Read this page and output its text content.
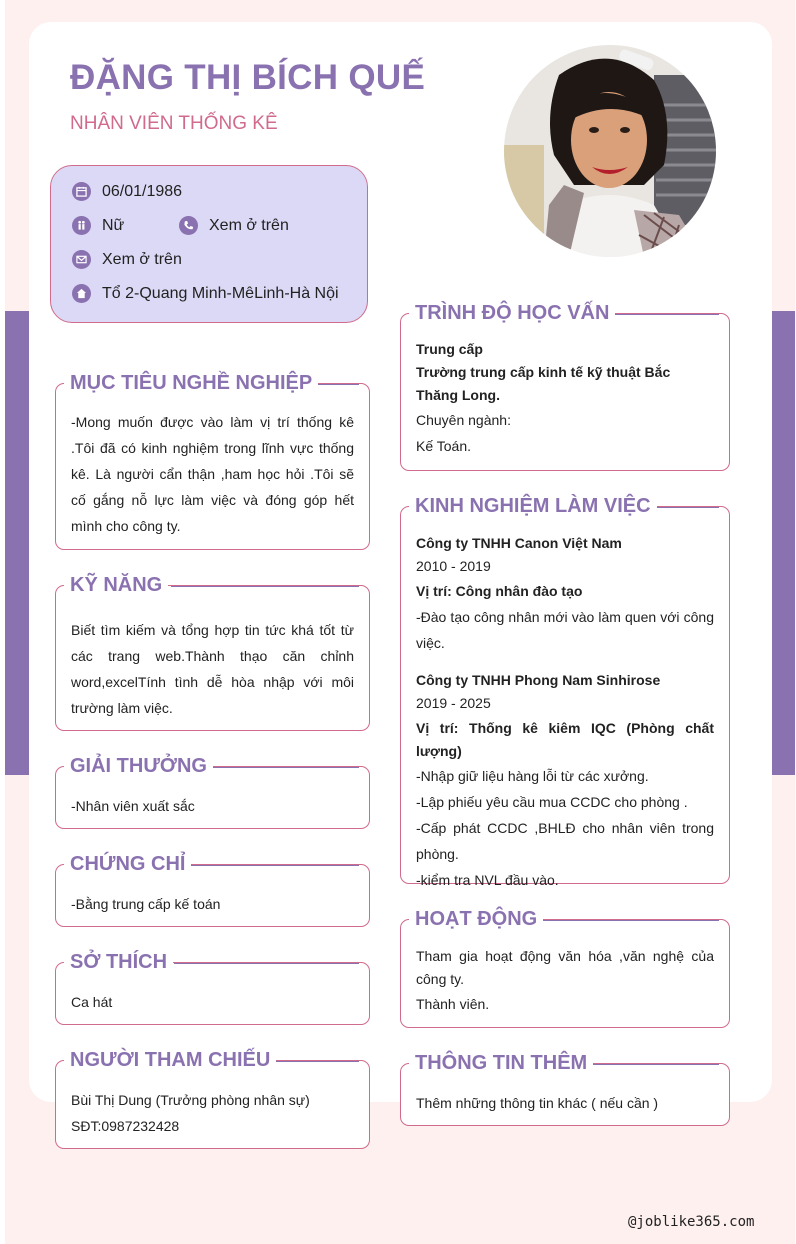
ĐẶNG THỊ BÍCH QUẾ
NHÂN VIÊN THỐNG KÊ
06/01/1986
Nữ	Xem ở trên
Xem ở trên
Tổ 2-Quang Minh-MêLinh-Hà Nội
MỤC TIÊU NGHỀ NGHIỆP
-Mong muốn được vào làm vị trí thống kê .Tôi đã có kinh nghiệm trong lĩnh vực thống kê. Là người cẩn thận ,ham học hỏi .Tôi sẽ cố gắng nỗ lực làm việc và đóng góp hết mình cho công ty.
KỸ NĂNG
Biết tìm kiếm và tổng hợp tin tức khá tốt từ các trang web.Thành thạo căn chỉnh word,excelTính tình dễ hòa nhập với môi trường làm việc.
GIẢI THƯỞNG
-Nhân viên xuất sắc
CHỨNG CHỈ
-Bằng trung cấp kế toán
SỞ THÍCH
Ca hát
NGƯỜI THAM CHIẾU
Bùi Thị Dung (Trưởng phòng nhân sự)
SĐT:0987232428
TRÌNH ĐỘ HỌC VẤN
Trung cấp
Trường trung cấp kinh tế kỹ thuật Bắc Thăng Long.
Chuyên ngành:
Kế Toán.
KINH NGHIỆM LÀM VIỆC
Công ty TNHH Canon Việt Nam
2010 - 2019
Vị trí: Công nhân đào tạo
-Đào tạo công nhân mới vào làm quen với công việc.
Công ty TNHH Phong Nam Sinhirose
2019 - 2025
Vị trí: Thống kê kiêm IQC (Phòng chất lượng)
-Nhập giữ liệu hàng lỗi từ các xưởng.
-Lập phiếu yêu cầu mua CCDC cho phòng .
-Cấp phát CCDC ,BHLĐ cho nhân viên trong phòng.
-kiểm tra NVL đầu vào.
HOẠT ĐỘNG
Tham gia hoạt động văn hóa ,văn nghệ của công ty.
Thành viên.
THÔNG TIN THÊM
Thêm những thông tin khác ( nếu cần )
@joblike365.com
